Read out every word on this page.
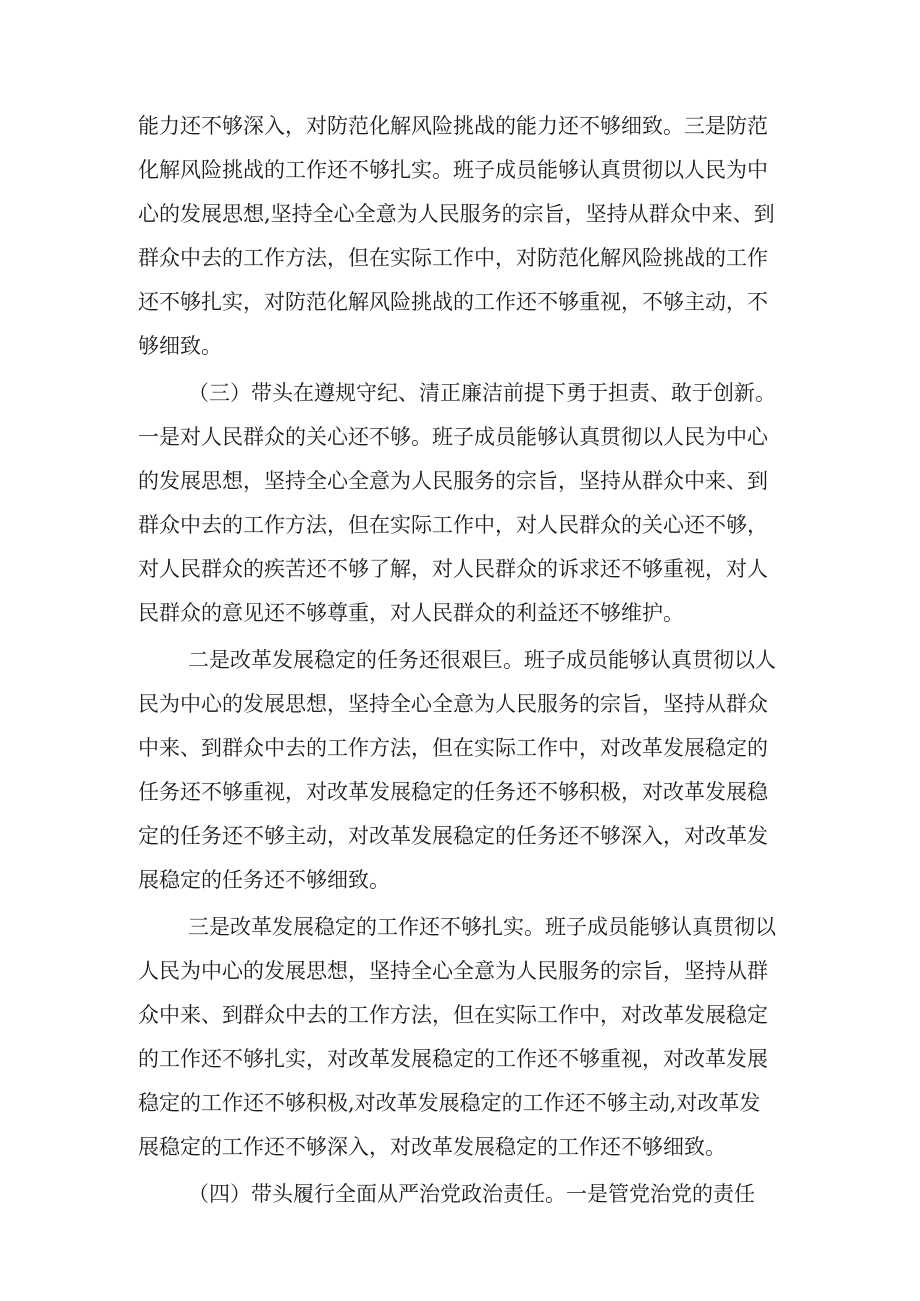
能力还不够深入，对防范化解风险挑战的能力还不够细致。三是防范

化解风险挑战的工作还不够扎实。班子成员能够认真贯彻以人民为中

心的发展思想,坚持全心全意为人民服务的宗旨，坚持从群众中来、到

群众中去的工作方法，但在实际工作中，对防范化解风险挑战的工作

还不够扎实，对防范化解风险挑战的工作还不够重视，不够主动，不

够细致。

（三）带头在遵规守纪、清正廉洁前提下勇于担责、敢于创新。

一是对人民群众的关心还不够。班子成员能够认真贯彻以人民为中心

的发展思想，坚持全心全意为人民服务的宗旨，坚持从群众中来、到

群众中去的工作方法，但在实际工作中，对人民群众的关心还不够，

对人民群众的疾苦还不够了解，对人民群众的诉求还不够重视，对人

民群众的意见还不够尊重，对人民群众的利益还不够维护。

二是改革发展稳定的任务还很艰巨。班子成员能够认真贯彻以人

民为中心的发展思想，坚持全心全意为人民服务的宗旨，坚持从群众

中来、到群众中去的工作方法，但在实际工作中，对改革发展稳定的

任务还不够重视，对改革发展稳定的任务还不够积极，对改革发展稳

定的任务还不够主动，对改革发展稳定的任务还不够深入，对改革发

展稳定的任务还不够细致。

三是改革发展稳定的工作还不够扎实。班子成员能够认真贯彻以

人民为中心的发展思想，坚持全心全意为人民服务的宗旨，坚持从群

众中来、到群众中去的工作方法，但在实际工作中，对改革发展稳定

的工作还不够扎实，对改革发展稳定的工作还不够重视，对改革发展

稳定的工作还不够积极,对改革发展稳定的工作还不够主动,对改革发

展稳定的工作还不够深入，对改革发展稳定的工作还不够细致。

（四）带头履行全面从严治党政治责任。一是管党治党的责任
